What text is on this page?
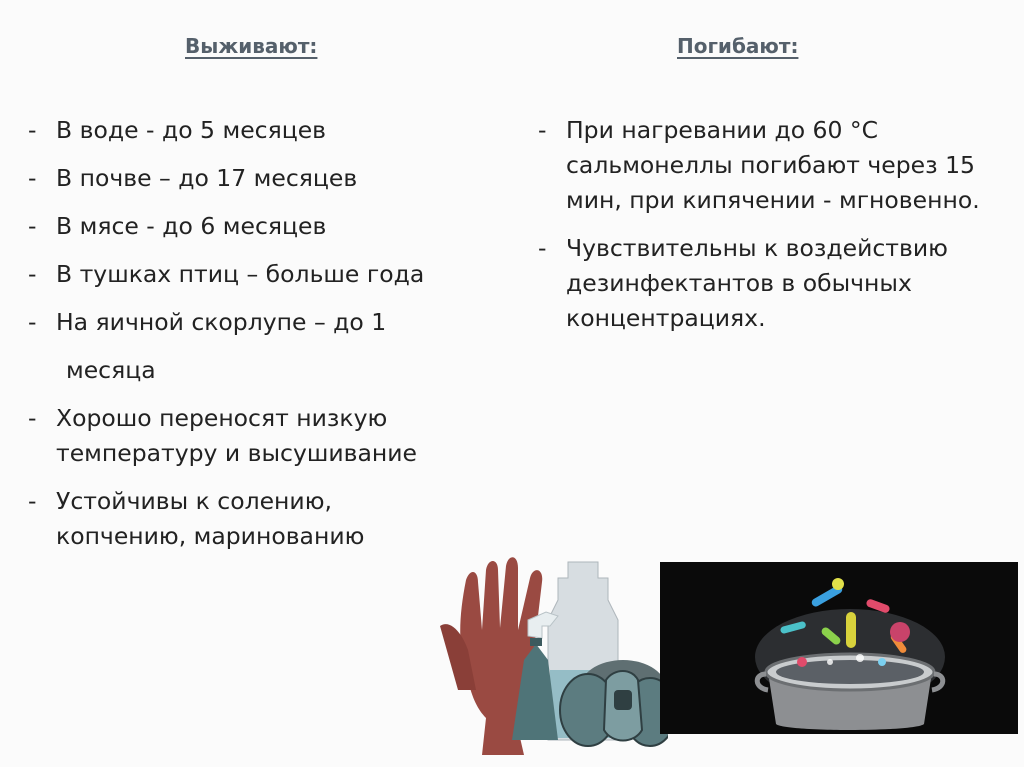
Выживают:	Погибают:
- В воде - до 5 месяцев
- В почве – до 17 месяцев
- В мясе - до 6 месяцев
- В тушках птиц – больше года
- На яичной скорлупе – до 1
месяца
- Хорошо переносят низкую температуру и высушивание
- Устойчивы к солению, копчению, маринованию
- При нагревании до 60 °C сальмонеллы погибают через 15 мин, при кипячении - мгновенно.
- Чувствительны к воздействию дезинфектантов в обычных концентрациях.
